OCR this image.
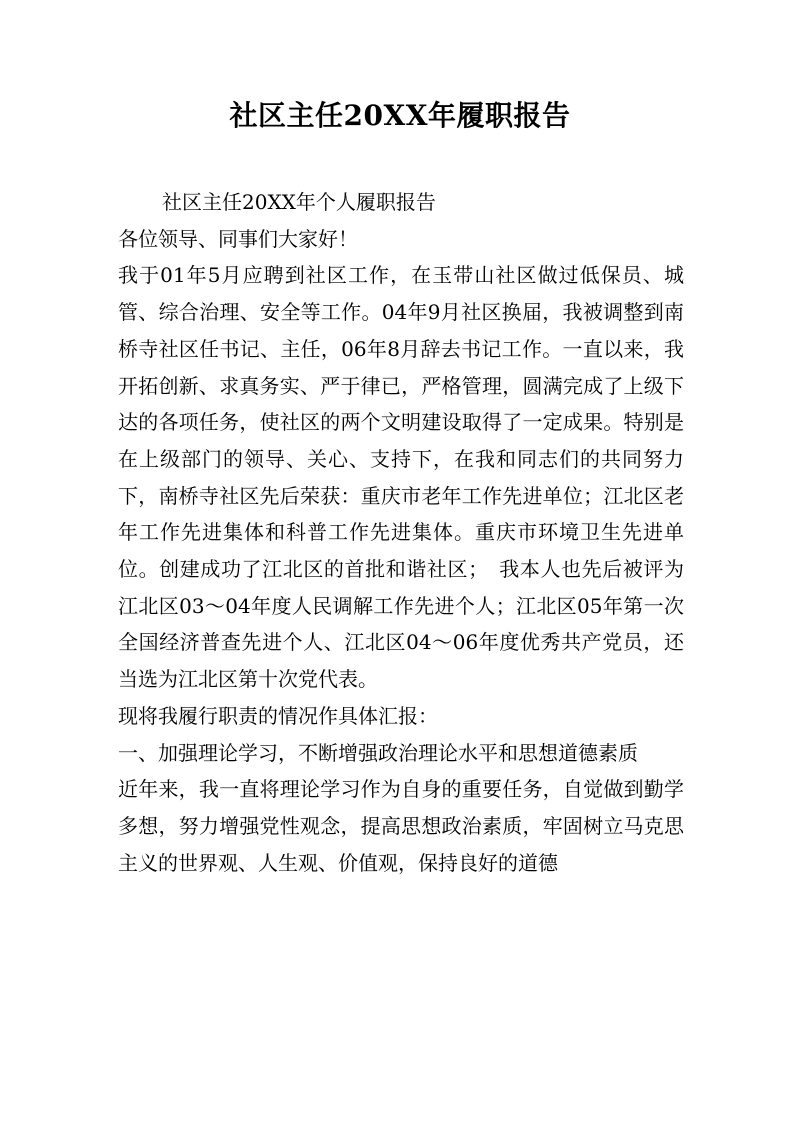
社区主任20XX年履职报告

社区主任20XX年个人履职报告

各位领导、同事们大家好！

我于01年5月应聘到社区工作，在玉带山社区做过低保员、城管、综合治理、安全等工作。04年9月社区换届，我被调整到南桥寺社区任书记、主任，06年8月辞去书记工作。一直以来，我开拓创新、求真务实、严于律已，严格管理，圆满完成了上级下达的各项任务，使社区的两个文明建设取得了一定成果。特别是在上级部门的领导、关心、支持下，在我和同志们的共同努力下，南桥寺社区先后荣获：重庆市老年工作先进单位；江北区老年工作先进集体和科普工作先进集体。重庆市环境卫生先进单位。创建成功了江北区的首批和谐社区；　我本人也先后被评为江北区03～04年度人民调解工作先进个人；江北区05年第一次全国经济普查先进个人、江北区04～06年度优秀共产党员，还当选为江北区第十次党代表。

现将我履行职责的情况作具体汇报：

一、加强理论学习，不断增强政治理论水平和思想道德素质

近年来，我一直将理论学习作为自身的重要任务，自觉做到勤学多想，努力增强党性观念，提高思想政治素质，牢固树立马克思主义的世界观、人生观、价值观，保持良好的道德
